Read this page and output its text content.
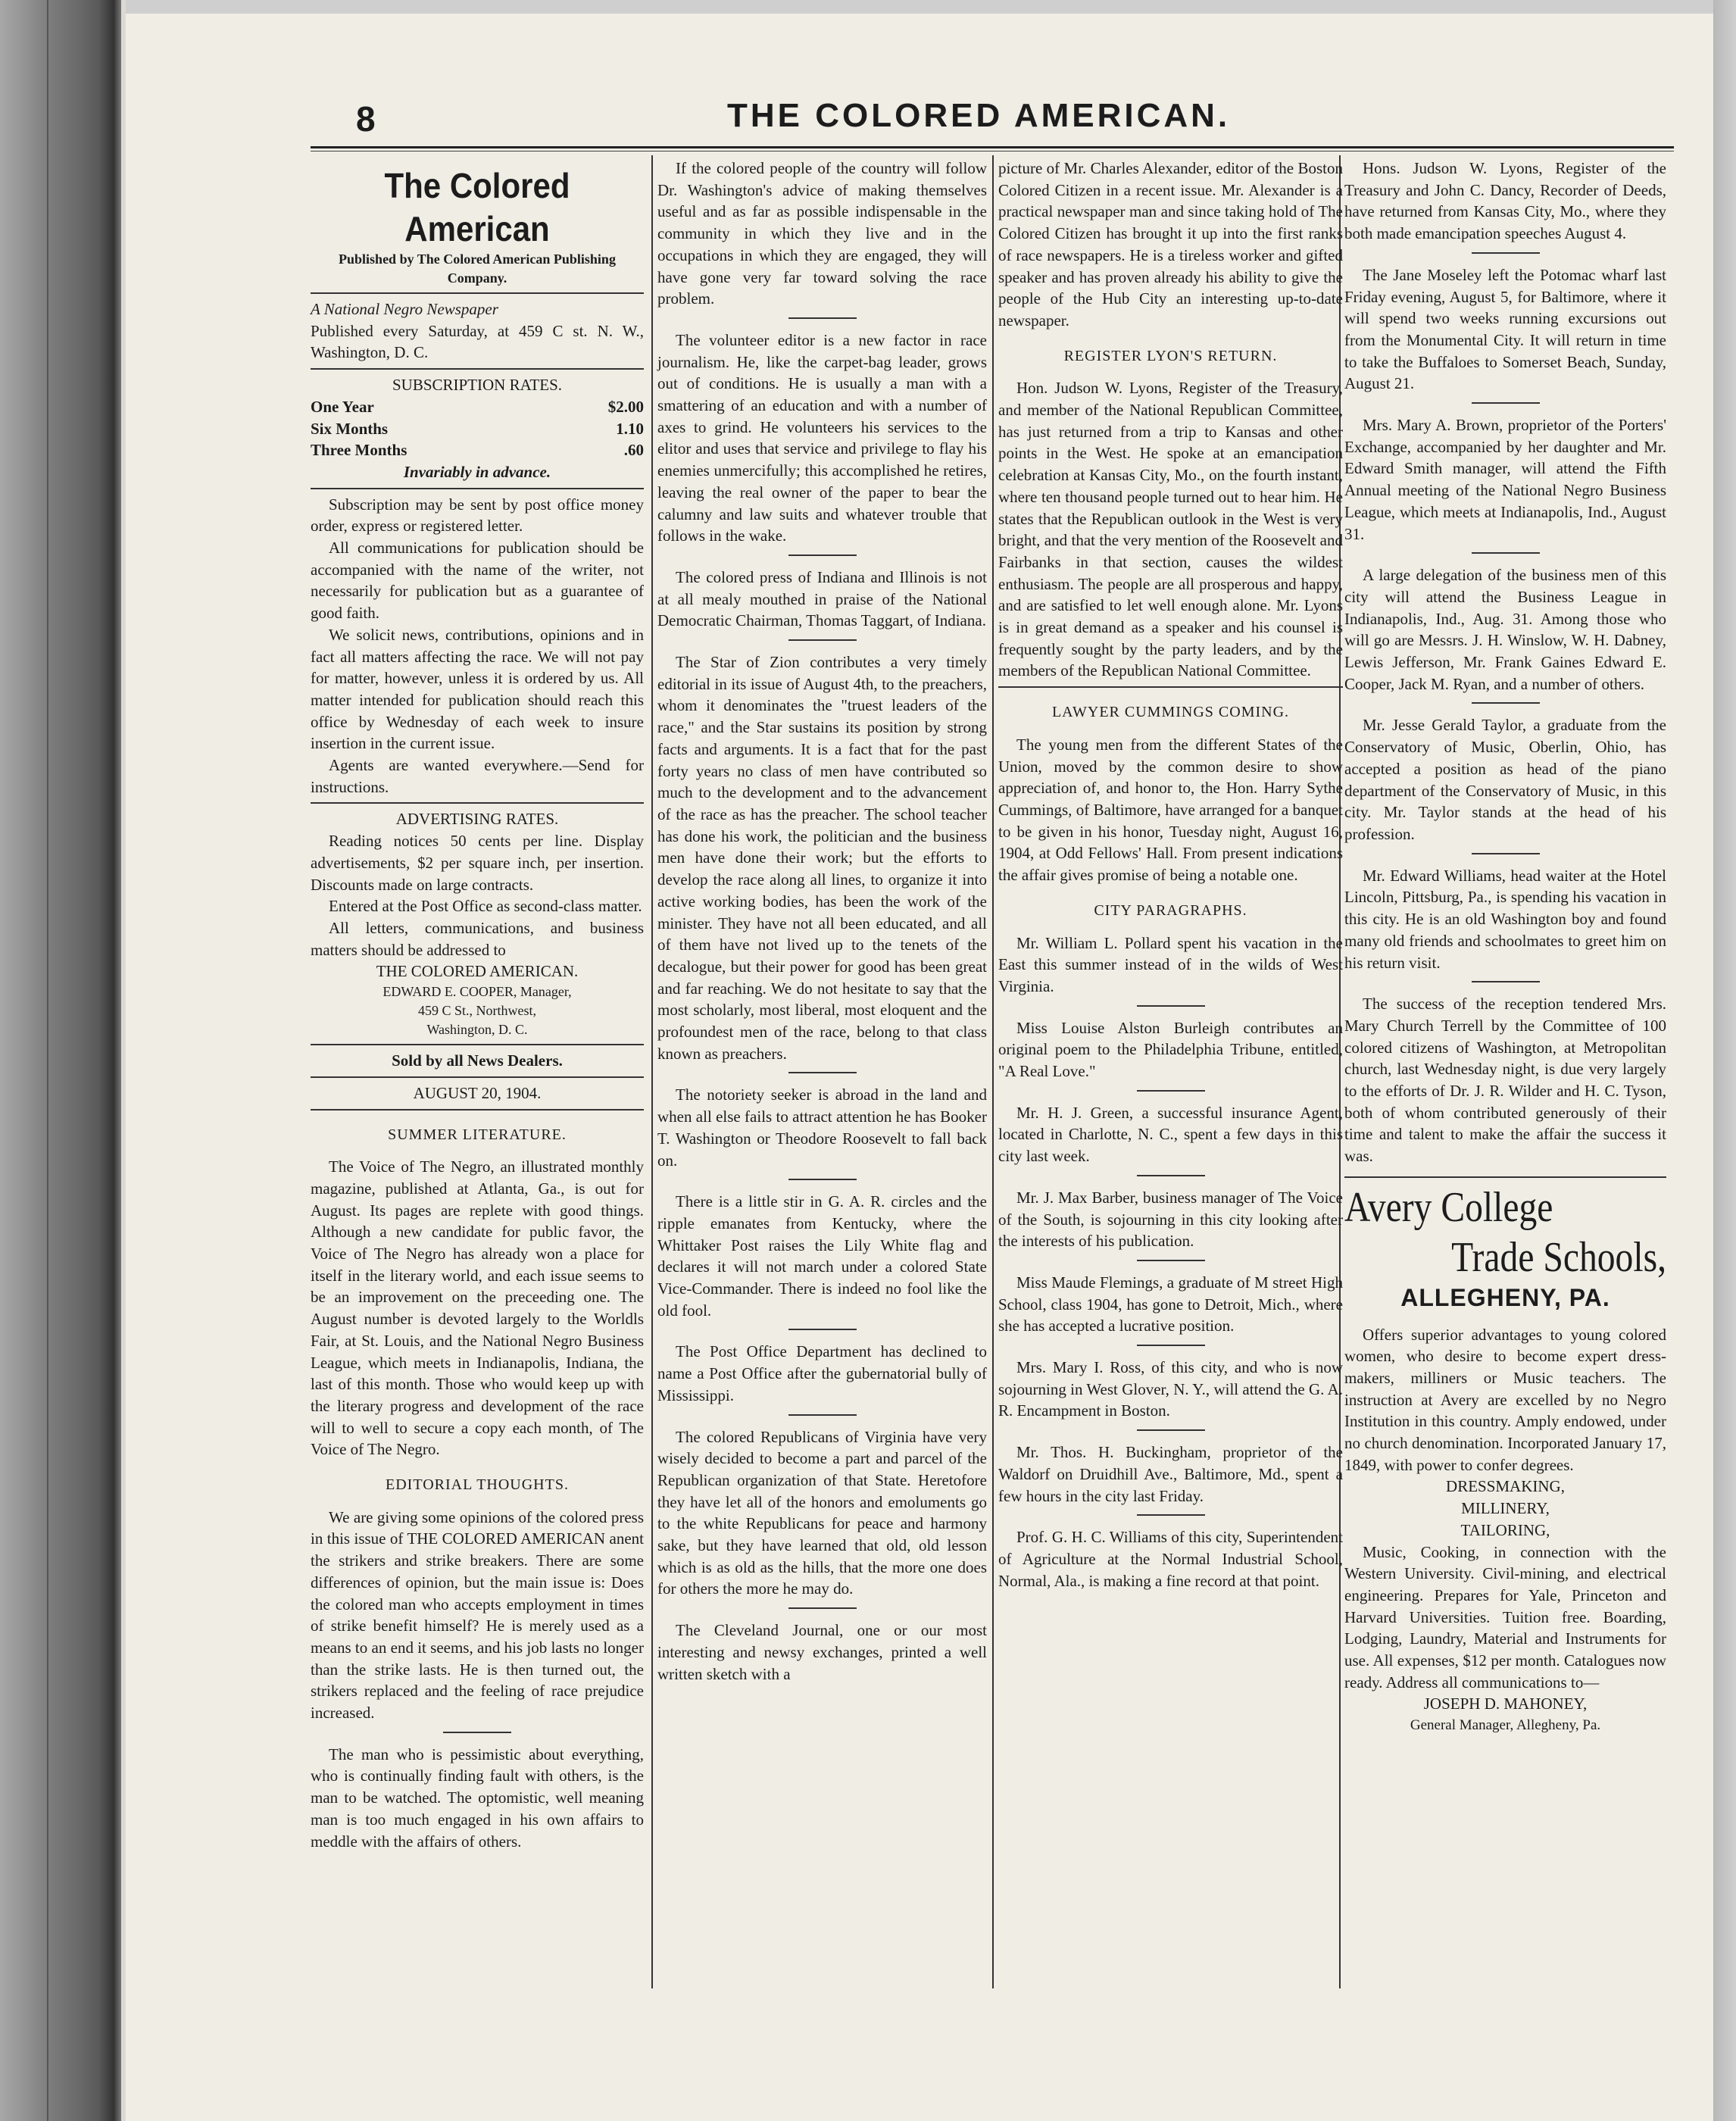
8	THE COLORED AMERICAN.
The Colored American

Published by The Colored American Publishing Company.

A National Negro Newspaper

Published every Saturday, at 459 C st. N. W., Washington, D. C.

SUBSCRIPTION RATES.

One Year	$2.00
Six Months	1.10
Three Months	.60

Invariably in advance.

Subscription may be sent by post office money order, express or registered letter.

All communications for publication should be accompanied with the name of the writer, not necessarily for publication but as a guarantee of good faith.

We solicit news, contributions, opinions and in fact all matters affecting the race. We will not pay for matter, however, unless it is ordered by us. All matter intended for publication should reach this office by Wednesday of each week to insure insertion in the current issue.

Agents are wanted everywhere.—Send for instructions.

ADVERTISING RATES.

Reading notices 50 cents per line. Display advertisements, $2 per square inch, per insertion. Discounts made on large contracts.

Entered at the Post Office as second-class matter.

All letters, communications, and business matters should be addressed to

THE COLORED AMERICAN.

EDWARD E. COOPER, Manager,

459 C St., Northwest,

Washington, D. C.

Sold by all News Dealers.

AUGUST 20, 1904.

SUMMER LITERATURE.

The Voice of The Negro, an illustrated monthly magazine, published at Atlanta, Ga., is out for August. Its pages are replete with good things. Although a new candidate for public favor, the Voice of The Negro has already won a place for itself in the literary world, and each issue seems to be an improvement on the preceeding one. The August number is devoted largely to the Worldls Fair, at St. Louis, and the National Negro Business League, which meets in Indianapolis, Indiana, the last of this month. Those who would keep up with the literary progress and development of the race will to well to secure a copy each month, of The Voice of The Negro.

EDITORIAL THOUGHTS.

We are giving some opinions of the colored press in this issue of THE COLORED AMERICAN anent the strikers and strike breakers. There are some differences of opinion, but the main issue is: Does the colored man who accepts employment in times of strike benefit himself? He is merely used as a means to an end it seems, and his job lasts no longer than the strike lasts. He is then turned out, the strikers replaced and the feeling of race prejudice increased.

The man who is pessimistic about everything, who is continually finding fault with others, is the man to be watched. The optomistic, well meaning man is too much engaged in his own affairs to meddle with the affairs of others.

If the colored people of the country will follow Dr. Washington's advice of making themselves useful and as far as possible indispensable in the community in which they live and in the occupations in which they are engaged, they will have gone very far toward solving the race problem.

The volunteer editor is a new factor in race journalism. He, like the carpet-bag leader, grows out of conditions. He is usually a man with a smattering of an education and with a number of axes to grind. He volunteers his services to the elitor and uses that service and privilege to flay his enemies unmercifully; this accomplished he retires, leaving the real owner of the paper to bear the calumny and law suits and whatever trouble that follows in the wake.

The colored press of Indiana and Illinois is not at all mealy mouthed in praise of the National Democratic Chairman, Thomas Taggart, of Indiana.

The Star of Zion contributes a very timely editorial in its issue of August 4th, to the preachers, whom it denominates the "truest leaders of the race," and the Star sustains its position by strong facts and arguments. It is a fact that for the past forty years no class of men have contributed so much to the development and to the advancement of the race as has the preacher. The school teacher has done his work, the politician and the business men have done their work; but the efforts to develop the race along all lines, to organize it into active working bodies, has been the work of the minister. They have not all been educated, and all of them have not lived up to the tenets of the decalogue, but their power for good has been great and far reaching. We do not hesitate to say that the most scholarly, most liberal, most eloquent and the profoundest men of the race, belong to that class known as preachers.

The notoriety seeker is abroad in the land and when all else fails to attract attention he has Booker T. Washington or Theodore Roosevelt to fall back on.

There is a little stir in G. A. R. circles and the ripple emanates from Kentucky, where the Whittaker Post raises the Lily White flag and declares it will not march under a colored State Vice-Commander. There is indeed no fool like the old fool.

The Post Office Department has declined to name a Post Office after the gubernatorial bully of Mississippi.

The colored Republicans of Virginia have very wisely decided to become a part and parcel of the Republican organization of that State. Heretofore they have let all of the honors and emoluments go to the white Republicans for peace and harmony sake, but they have learned that old, old lesson which is as old as the hills, that the more one does for others the more he may do.

The Cleveland Journal, one or our most interesting and newsy exchanges, printed a well written sketch with a

picture of Mr. Charles Alexander, editor of the Boston Colored Citizen in a recent issue. Mr. Alexander is a practical newspaper man and since taking hold of The Colored Citizen has brought it up into the first ranks of race newspapers. He is a tireless worker and gifted speaker and has proven already his ability to give the people of the Hub City an interesting up-to-date newspaper.

REGISTER LYON'S RETURN.

Hon. Judson W. Lyons, Register of the Treasury, and member of the National Republican Committee, has just returned from a trip to Kansas and other points in the West. He spoke at an emancipation celebration at Kansas City, Mo., on the fourth instant, where ten thousand people turned out to hear him. He states that the Republican outlook in the West is very bright, and that the very mention of the Roosevelt and Fairbanks in that section, causes the wildest enthusiasm. The people are all prosperous and happy, and are satisfied to let well enough alone. Mr. Lyons is in great demand as a speaker and his counsel is frequently sought by the party leaders, and by the members of the Republican National Committee.

LAWYER CUMMINGS COMING.

The young men from the different States of the Union, moved by the common desire to show appreciation of, and honor to, the Hon. Harry Sythe Cummings, of Baltimore, have arranged for a banquet to be given in his honor, Tuesday night, August 16, 1904, at Odd Fellows' Hall. From present indications the affair gives promise of being a notable one.

CITY PARAGRAPHS.

Mr. William L. Pollard spent his vacation in the East this summer instead of in the wilds of West Virginia.

Miss Louise Alston Burleigh contributes an original poem to the Philadelphia Tribune, entitled, "A Real Love."

Mr. H. J. Green, a successful insurance Agent, located in Charlotte, N. C., spent a few days in this city last week.

Mr. J. Max Barber, business manager of The Voice of the South, is sojourning in this city looking after the interests of his publication.

Miss Maude Flemings, a graduate of M street High School, class 1904, has gone to Detroit, Mich., where she has accepted a lucrative position.

Mrs. Mary I. Ross, of this city, and who is now sojourning in West Glover, N. Y., will attend the G. A. R. Encampment in Boston.

Mr. Thos. H. Buckingham, proprietor of the Waldorf on Druidhill Ave., Baltimore, Md., spent a few hours in the city last Friday.

Prof. G. H. C. Williams of this city, Superintendent of Agriculture at the Normal Industrial School, Normal, Ala., is making a fine record at that point.

Hons. Judson W. Lyons, Register of the Treasury and John C. Dancy, Recorder of Deeds, have returned from Kansas City, Mo., where they both made emancipation speeches August 4.

The Jane Moseley left the Potomac wharf last Friday evening, August 5, for Baltimore, where it will spend two weeks running excursions out from the Monumental City. It will return in time to take the Buffaloes to Somerset Beach, Sunday, August 21.

Mrs. Mary A. Brown, proprietor of the Porters' Exchange, accompanied by her daughter and Mr. Edward Smith manager, will attend the Fifth Annual meeting of the National Negro Business League, which meets at Indianapolis, Ind., August 31.

A large delegation of the business men of this city will attend the Business League in Indianapolis, Ind., Aug. 31. Among those who will go are Messrs. J. H. Winslow, W. H. Dabney, Lewis Jefferson, Mr. Frank Gaines Edward E. Cooper, Jack M. Ryan, and a number of others.

Mr. Jesse Gerald Taylor, a graduate from the Conservatory of Music, Oberlin, Ohio, has accepted a position as head of the piano department of the Conservatory of Music, in this city. Mr. Taylor stands at the head of his profession.

Mr. Edward Williams, head waiter at the Hotel Lincoln, Pittsburg, Pa., is spending his vacation in this city. He is an old Washington boy and found many old friends and schoolmates to greet him on his return visit.

The success of the reception tendered Mrs. Mary Church Terrell by the Committee of 100 colored citizens of Washington, at Metropolitan church, last Wednesday night, is due very largely to the efforts of Dr. J. R. Wilder and H. C. Tyson, both of whom contributed generously of their time and talent to make the affair the success it was.

Avery College
Trade Schools,
ALLEGHENY, PA.

Offers superior advantages to young colored women, who desire to become expert dress-makers, milliners or Music teachers. The instruction at Avery are excelled by no Negro Institution in this country. Amply endowed, under no church denomination. Incorporated January 17, 1849, with power to confer degrees.

DRESSMAKING,

MILLINERY,

TAILORING,

Music, Cooking, in connection with the Western University. Civil-mining, and electrical engineering. Prepares for Yale, Princeton and Harvard Universities. Tuition free. Boarding, Lodging, Laundry, Material and Instruments for use. All expenses, $12 per month. Catalogues now ready. Address all communications to—

JOSEPH D. MAHONEY,

General Manager, Allegheny, Pa.
